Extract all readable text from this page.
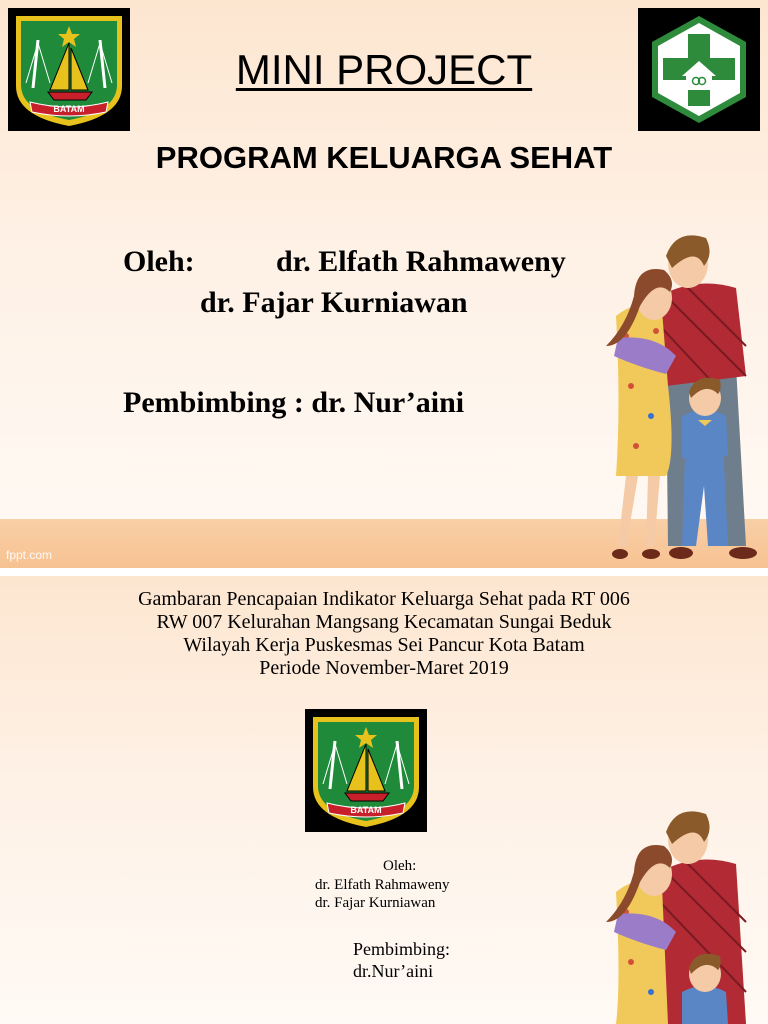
fppt.com
BATAM
MINI PROJECT
PROGRAM KELUARGA SEHAT
Oleh:	dr. Elfath Rahmaweny
dr. Fajar Kurniawan
Pembimbing : dr. Nur’aini
Gambaran Pencapaian Indikator Keluarga Sehat pada RT 006
RW 007 Kelurahan Mangsang Kecamatan Sungai Beduk
Wilayah Kerja Puskesmas Sei Pancur Kota Batam
Periode November-Maret 2019
BATAM
Oleh:
dr. Elfath Rahmaweny
dr. Fajar Kurniawan
Pembimbing:
dr.Nur’aini
